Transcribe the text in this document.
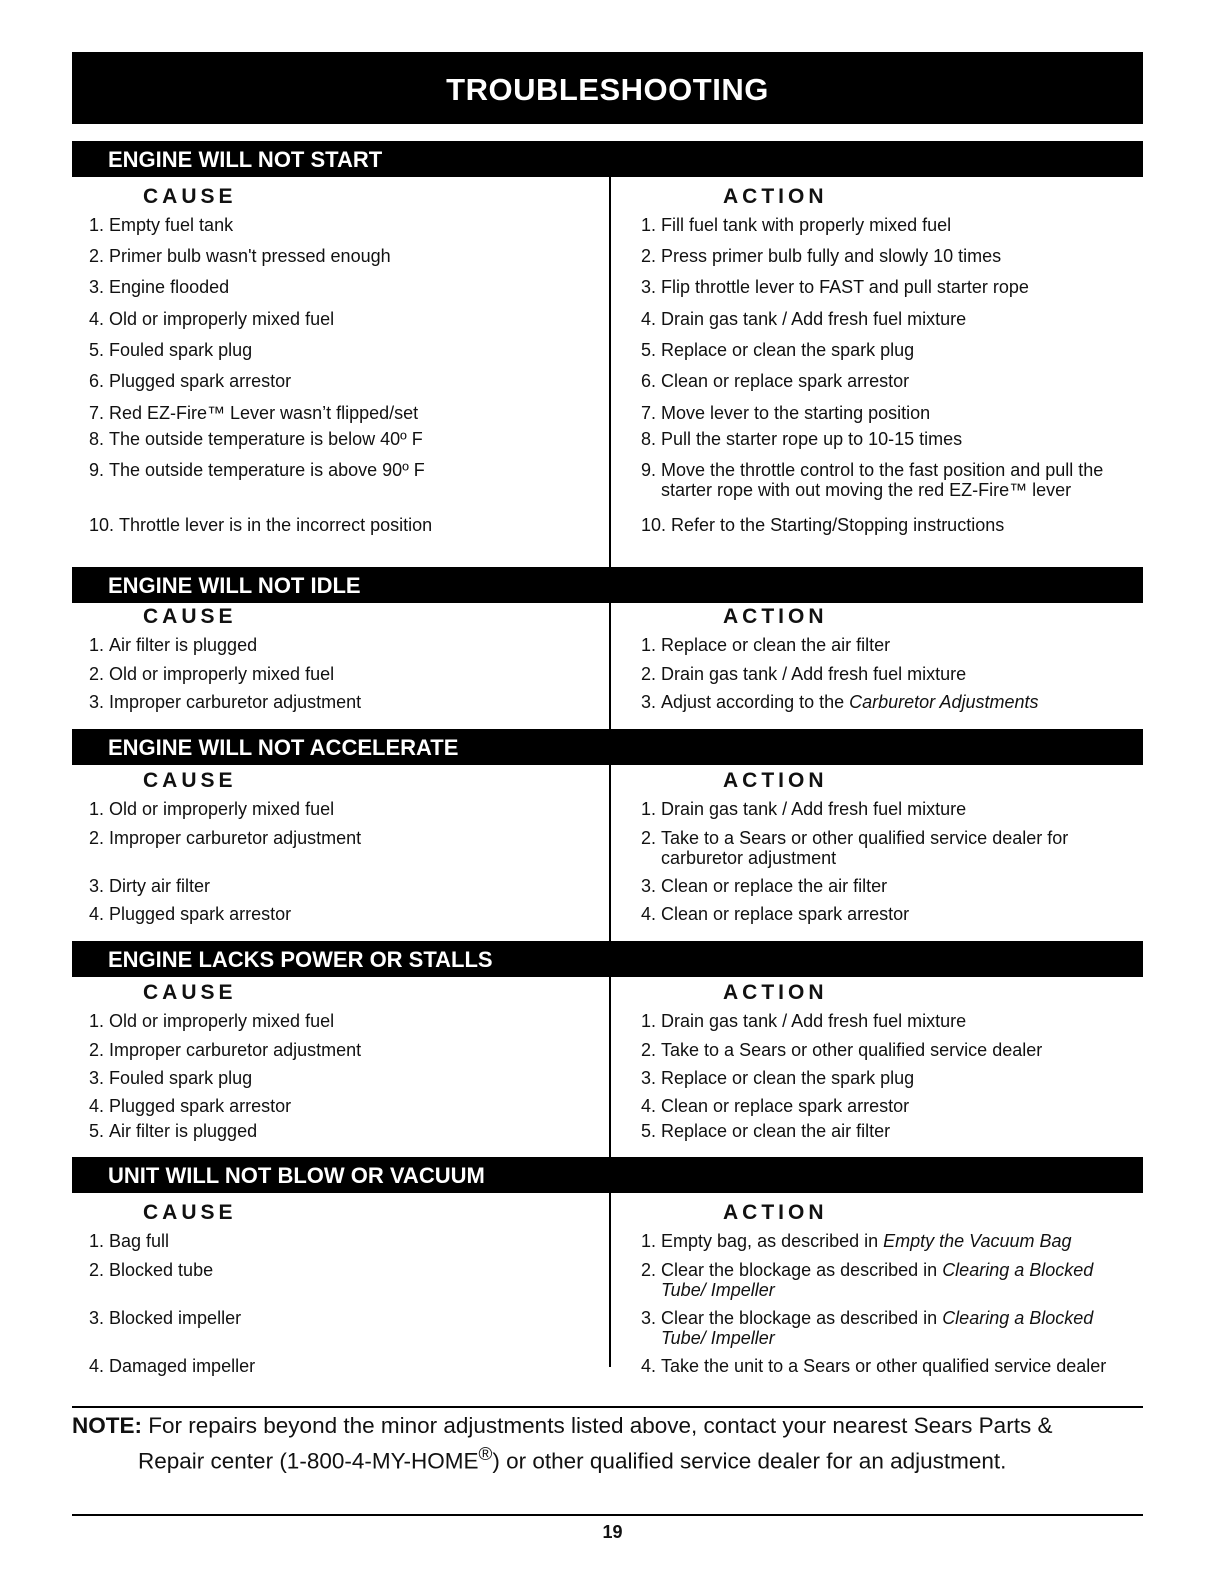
TROUBLESHOOTING
ENGINE WILL NOT START
CAUSE
1. Empty fuel tank
2. Primer bulb wasn't pressed enough
3. Engine flooded
4. Old or improperly mixed fuel
5. Fouled spark plug
6. Plugged spark arrestor
7. Red EZ-Fire™ Lever wasn’t flipped/set
8. The outside temperature is below 40º F
9. The outside temperature is above 90º F
10. Throttle lever is in the incorrect position
ACTION
1. Fill fuel tank with properly mixed fuel
2. Press primer bulb fully and slowly 10 times
3. Flip throttle lever to FAST and pull starter rope
4. Drain gas tank / Add fresh fuel mixture
5. Replace or clean the spark plug
6. Clean or replace spark arrestor
7. Move lever to the starting position
8. Pull the starter rope up to 10-15 times
9. Move the throttle control to the fast position and pull the starter rope with out moving the red EZ-Fire™ lever
10. Refer to the Starting/Stopping instructions
ENGINE WILL NOT IDLE
CAUSE
1. Air filter is plugged
2. Old or improperly mixed fuel
3. Improper carburetor adjustment
ACTION
1. Replace or clean the air filter
2. Drain gas tank / Add fresh fuel mixture
3. Adjust according to the Carburetor Adjustments
ENGINE WILL NOT ACCELERATE
CAUSE
1. Old or improperly mixed fuel
2. Improper carburetor adjustment
3. Dirty air filter
4. Plugged spark arrestor
ACTION
1. Drain gas tank / Add fresh fuel mixture
2. Take to a Sears or other qualified service dealer for carburetor adjustment
3. Clean or replace the air filter
4. Clean or replace spark arrestor
ENGINE LACKS POWER OR STALLS
CAUSE
1. Old or improperly mixed fuel
2. Improper carburetor adjustment
3. Fouled spark plug
4. Plugged spark arrestor
5. Air filter is plugged
ACTION
1. Drain gas tank / Add fresh fuel mixture
2. Take to a Sears or other qualified service dealer
3. Replace or clean the spark plug
4. Clean or replace spark arrestor
5. Replace or clean the air filter
UNIT WILL NOT BLOW OR VACUUM
CAUSE
1. Bag full
2. Blocked tube
3. Blocked impeller
4. Damaged impeller
ACTION
1. Empty bag, as described in Empty the Vacuum Bag
2. Clear the blockage as described in Clearing a Blocked Tube/ Impeller
3. Clear the blockage as described in Clearing a Blocked Tube/ Impeller
4. Take the unit to a Sears or other qualified service dealer
NOTE: For repairs beyond the minor adjustments listed above, contact your nearest Sears Parts &
Repair center (1-800-4-MY-HOME®) or other qualified service dealer for an adjustment.
19
